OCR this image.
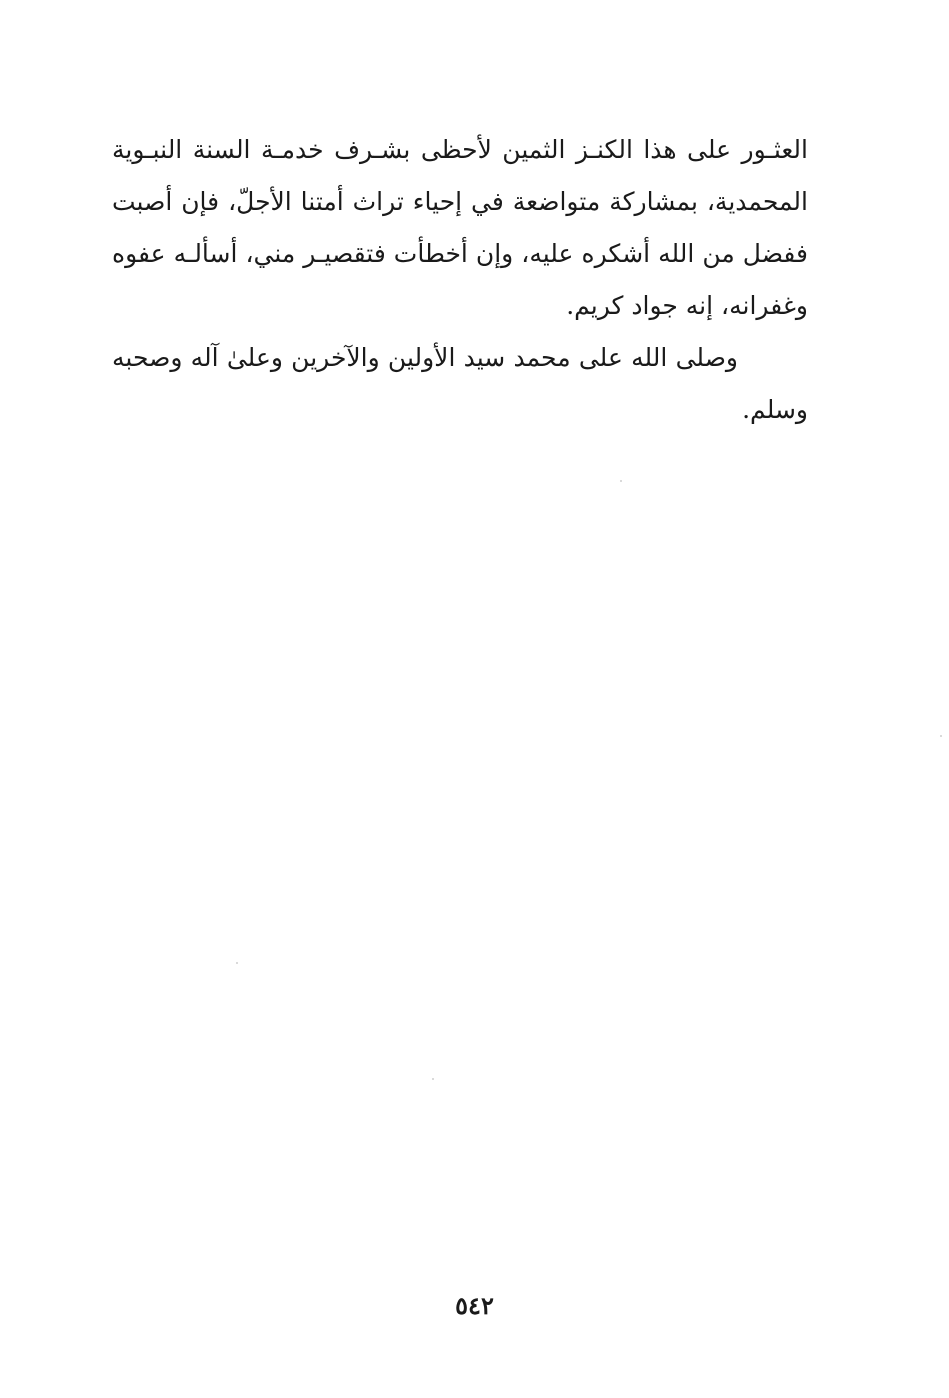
العثـور على هذا الكنـز الثمين لأحظى بشـرف خدمـة السنة النبـوية
المحمدية، بمشاركة متواضعة في إحياء تراث أمتنا الأجلّ، فإن أصبت
ففضل من الله أشكره عليه، وإن أخطأت فتقصيـر مني، أسألـه عفوه
وغفرانه، إنه جواد كريم.
وصلى الله على محمد سيد الأولين والآخرين وعلىٰ آله وصحبه
وسلم.
٥٤٢
